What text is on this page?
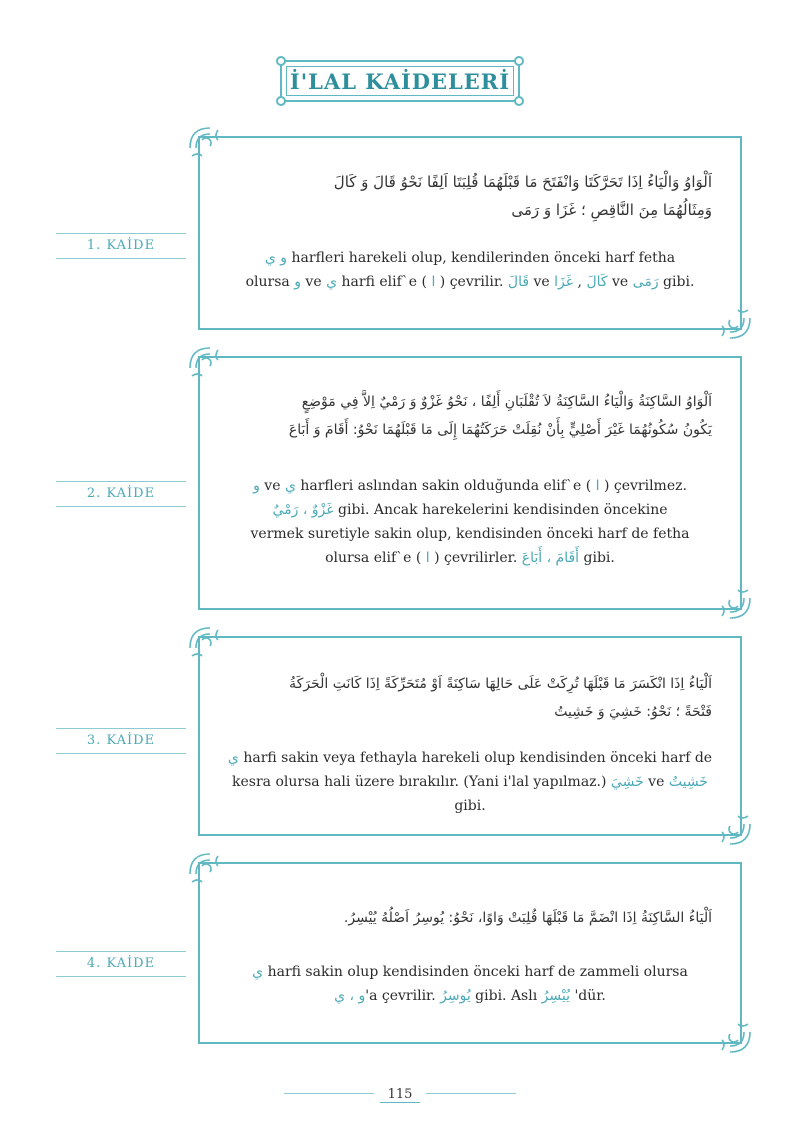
İ'LAL KAİDELERİ
1. KAİDE
اَلْوَاوُ وَالْيَاءُ اِذَا تَحَرَّكَتَا وَانْفَتَحَ مَا قَبْلَهُمَا قُلِبَتَا اَلِفًا نَحْوُ قَالَ وَ كَالَ
وَمِثَالُهُمَا مِنَ النَّاقِصِ ؛ غَزَا وَ رَمَى
و ي harfleri harekeli olup, kendilerinden önceki harf fetha
olursa و ve ي harfi elif`e ( ا ) çevrilir. قَالَ ve كَالَ , غَزَا ve رَمَى gibi.
2. KAİDE
اَلْوَاوُ السَّاكِنَةُ وَالْيَاءُ السَّاكِنَةُ لاَ تُقْلَبَانِ أَلِفًا ، نَحْوُ غَزْوٌ وَ رَمْيٌ اِلاَّ فِي مَوْضِعٍ
يَكُونُ سُكُونُهُمَا غَيْرَ أَصْلِيٍّ بِأَنْ نُقِلَتْ حَرَكَتُهُمَا إِلَى مَا قَبْلَهُمَا نَحْوُ: أَقَامَ وَ أَبَاعَ
و ve ي harfleri aslından sakin olduğunda elif`e ( ا ) çevrilmez.
غَزْوٌ ، رَمْيٌ gibi. Ancak harekelerini kendisinden öncekine
vermek suretiyle sakin olup, kendisinden önceki harf de fetha
olursa elif`e ( ا ) çevrilirler. أَقَامَ ، أَبَاعَ gibi.
3. KAİDE
اَلْيَاءُ اِذَا انْكَسَرَ مَا قَبْلَهَا تُرِكَتْ عَلَى حَالِهَا سَاكِنَةً اَوْ مُتَحَرِّكَةً اِذَا كَانَتِ الْحَرَكَةُ
فَتْحَةً ؛ نَحْوُ: خَشِيَ وَ خَشِيتُ
ي harfi sakin veya fethayla harekeli olup kendisinden önceki harf de
kesra olursa hali üzere bırakılır. (Yani i'lal yapılmaz.) خَشِيَ ve خَشِيتُ gibi.
4. KAİDE
اَلْيَاءُ السَّاكِنَةُ اِذَا انْضَمَّ مَا قَبْلَهَا قُلِبَتْ وَاوًا، نَحْوُ: يُوسِرُ اَصْلُهُ يُيْسِرُ.
ي harfi sakin olup kendisinden önceki harf de zammeli olursa
و ، ي'a çevrilir. يُوسِرُ gibi. Aslı يُيْسِرُ 'dür.
115
